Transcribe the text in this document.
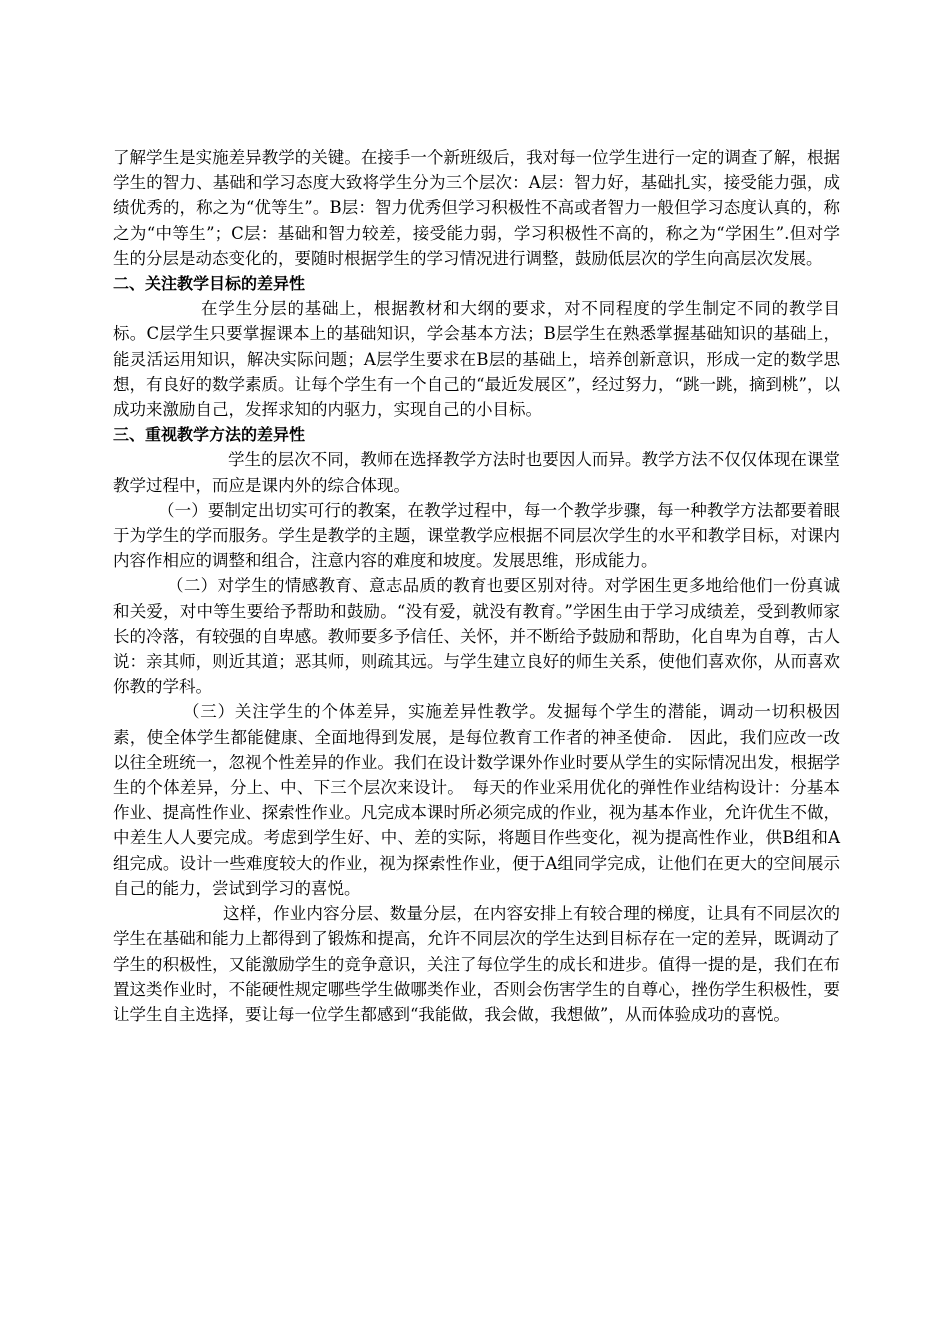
了解学生是实施差异教学的关键。在接手一个新班级后，我对每一位学生进行一定的调查了解，根据学生的智力、基础和学习态度大致将学生分为三个层次：A层：智力好，基础扎实，接受能力强，成绩优秀的，称之为“优等生”。B层：智力优秀但学习积极性不高或者智力一般但学习态度认真的，称之为“中等生”；C层：基础和智力较差，接受能力弱，学习积极性不高的，称之为“学困生”.但对学生的分层是动态变化的，要随时根据学生的学习情况进行调整，鼓励低层次的学生向高层次发展。

二、关注教学目标的差异性

在学生分层的基础上，根据教材和大纲的要求，对不同程度的学生制定不同的教学目标。C层学生只要掌握课本上的基础知识，学会基本方法；B层学生在熟悉掌握基础知识的基础上，能灵活运用知识，解决实际问题；A层学生要求在B层的基础上，培养创新意识，形成一定的数学思想，有良好的数学素质。让每个学生有一个自己的“最近发展区”，经过努力，“跳一跳，摘到桃”，以成功来激励自己，发挥求知的内驱力，实现自己的小目标。

三、重视教学方法的差异性

学生的层次不同，教师在选择教学方法时也要因人而异。教学方法不仅仅体现在课堂教学过程中，而应是课内外的综合体现。

（一）要制定出切实可行的教案，在教学过程中，每一个教学步骤，每一种教学方法都要着眼于为学生的学而服务。学生是教学的主题，课堂教学应根据不同层次学生的水平和教学目标，对课内内容作相应的调整和组合，注意内容的难度和坡度。发展思维，形成能力。

（二）对学生的情感教育、意志品质的教育也要区别对待。对学困生更多地给他们一份真诚和关爱，对中等生要给予帮助和鼓励。“没有爱，就没有教育。”学困生由于学习成绩差，受到教师家长的冷落，有较强的自卑感。教师要多予信任、关怀，并不断给予鼓励和帮助，化自卑为自尊，古人说：亲其师，则近其道；恶其师，则疏其远。与学生建立良好的师生关系，使他们喜欢你，从而喜欢你教的学科。

（三）关注学生的个体差异，实施差异性教学。发掘每个学生的潜能，调动一切积极因素，使全体学生都能健康、全面地得到发展，是每位教育工作者的神圣使命.　因此，我们应改一改以往全班统一，忽视个性差异的作业。我们在设计数学课外作业时要从学生的实际情况出发，根据学生的个体差异，分上、中、下三个层次来设计。　每天的作业采用优化的弹性作业结构设计：分基本作业、提高性作业、探索性作业。凡完成本课时所必须完成的作业，视为基本作业，允许优生不做，中差生人人要完成。考虑到学生好、中、差的实际，将题目作些变化，视为提高性作业，供B组和A组完成。设计一些难度较大的作业，视为探索性作业，便于A组同学完成，让他们在更大的空间展示自己的能力，尝试到学习的喜悦。

这样，作业内容分层、数量分层，在内容安排上有较合理的梯度，让具有不同层次的学生在基础和能力上都得到了锻炼和提高，允许不同层次的学生达到目标存在一定的差异，既调动了学生的积极性，又能激励学生的竞争意识，关注了每位学生的成长和进步。值得一提的是，我们在布置这类作业时，不能硬性规定哪些学生做哪类作业，否则会伤害学生的自尊心，挫伤学生积极性，要让学生自主选择，要让每一位学生都感到“我能做，我会做，我想做”，从而体验成功的喜悦。
